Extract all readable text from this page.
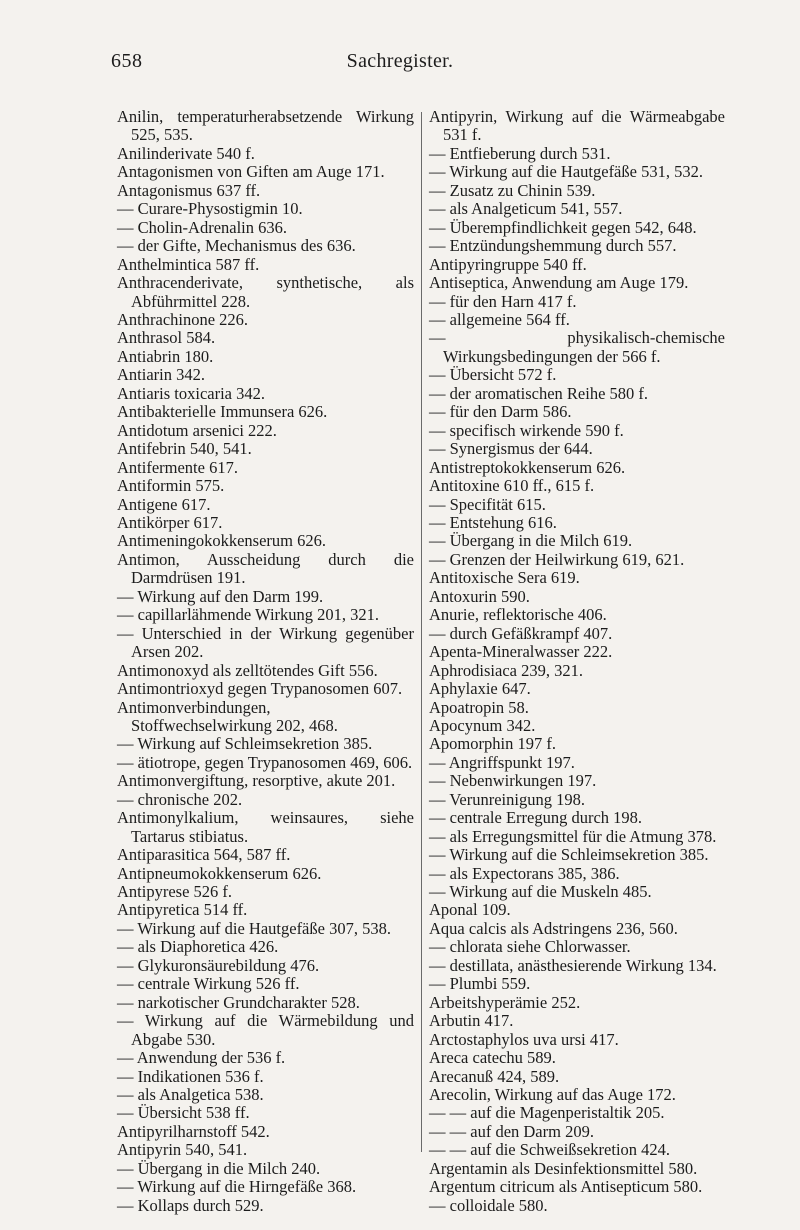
658	Sachregister.

Anilin, temperaturherabsetzende Wirkung 525, 535.

Anilinderivate 540 f.

Antagonismen von Giften am Auge 171.

Antagonismus 637 ff.

— Curare-Physostigmin 10.

— Cholin-Adrenalin 636.

— der Gifte, Mechanismus des 636.

Anthelmintica 587 ff.

Anthracenderivate, synthetische, als Abführmittel 228.

Anthrachinone 226.

Anthrasol 584.

Antiabrin 180.

Antiarin 342.

Antiaris toxicaria 342.

Antibakterielle Immunsera 626.

Antidotum arsenici 222.

Antifebrin 540, 541.

Antifermente 617.

Antiformin 575.

Antigene 617.

Antikörper 617.

Antimeningokokkenserum 626.

Antimon, Ausscheidung durch die Darmdrüsen 191.

— Wirkung auf den Darm 199.

— capillarlähmende Wirkung 201, 321.

— Unterschied in der Wirkung gegenüber Arsen 202.

Antimonoxyd als zelltötendes Gift 556.

Antimontrioxyd gegen Trypanosomen 607.

Antimonverbindungen, Stoffwechselwirkung 202, 468.

— Wirkung auf Schleimsekretion 385.

— ätiotrope, gegen Trypanosomen 469, 606.

Antimonvergiftung, resorptive, akute 201.

— chronische 202.

Antimonylkalium, weinsaures, siehe Tartarus stibiatus.

Antiparasitica 564, 587 ff.

Antipneumokokkenserum 626.

Antipyrese 526 f.

Antipyretica 514 ff.

— Wirkung auf die Hautgefäße 307, 538.

— als Diaphoretica 426.

— Glykuronsäurebildung 476.

— centrale Wirkung 526 ff.

— narkotischer Grundcharakter 528.

— Wirkung auf die Wärmebildung und Abgabe 530.

— Anwendung der 536 f.

— Indikationen 536 f.

— als Analgetica 538.

— Übersicht 538 ff.

Antipyrilharnstoff 542.

Antipyrin 540, 541.

— Übergang in die Milch 240.

— Wirkung auf die Hirngefäße 368.

— Kollaps durch 529.

Antipyrin, Wirkung auf die Wärmeabgabe 531 f.

— Entfieberung durch 531.

— Wirkung auf die Hautgefäße 531, 532.

— Zusatz zu Chinin 539.

— als Analgeticum 541, 557.

— Überempfindlichkeit gegen 542, 648.

— Entzündungshemmung durch 557.

Antipyringruppe 540 ff.

Antiseptica, Anwendung am Auge 179.

— für den Harn 417 f.

— allgemeine 564 ff.

— physikalisch-chemische Wirkungsbedingungen der 566 f.

— Übersicht 572 f.

— der aromatischen Reihe 580 f.

— für den Darm 586.

— specifisch wirkende 590 f.

— Synergismus der 644.

Antistreptokokkenserum 626.

Antitoxine 610 ff., 615 f.

— Specifität 615.

— Entstehung 616.

— Übergang in die Milch 619.

— Grenzen der Heilwirkung 619, 621.

Antitoxische Sera 619.

Antoxurin 590.

Anurie, reflektorische 406.

— durch Gefäßkrampf 407.

Apenta-Mineralwasser 222.

Aphrodisiaca 239, 321.

Aphylaxie 647.

Apoatropin 58.

Apocynum 342.

Apomorphin 197 f.

— Angriffspunkt 197.

— Nebenwirkungen 197.

— Verunreinigung 198.

— centrale Erregung durch 198.

— als Erregungsmittel für die Atmung 378.

— Wirkung auf die Schleimsekretion 385.

— als Expectorans 385, 386.

— Wirkung auf die Muskeln 485.

Aponal 109.

Aqua calcis als Adstringens 236, 560.

— chlorata siehe Chlorwasser.

— destillata, anästhesierende Wirkung 134.

— Plumbi 559.

Arbeitshyperämie 252.

Arbutin 417.

Arctostaphylos uva ursi 417.

Areca catechu 589.

Arecanuß 424, 589.

Arecolin, Wirkung auf das Auge 172.

— — auf die Magenperistaltik 205.

— — auf den Darm 209.

— — auf die Schweißsekretion 424.

Argentamin als Desinfektionsmittel 580.

Argentum citricum als Antisepticum 580.

— colloidale 580.
